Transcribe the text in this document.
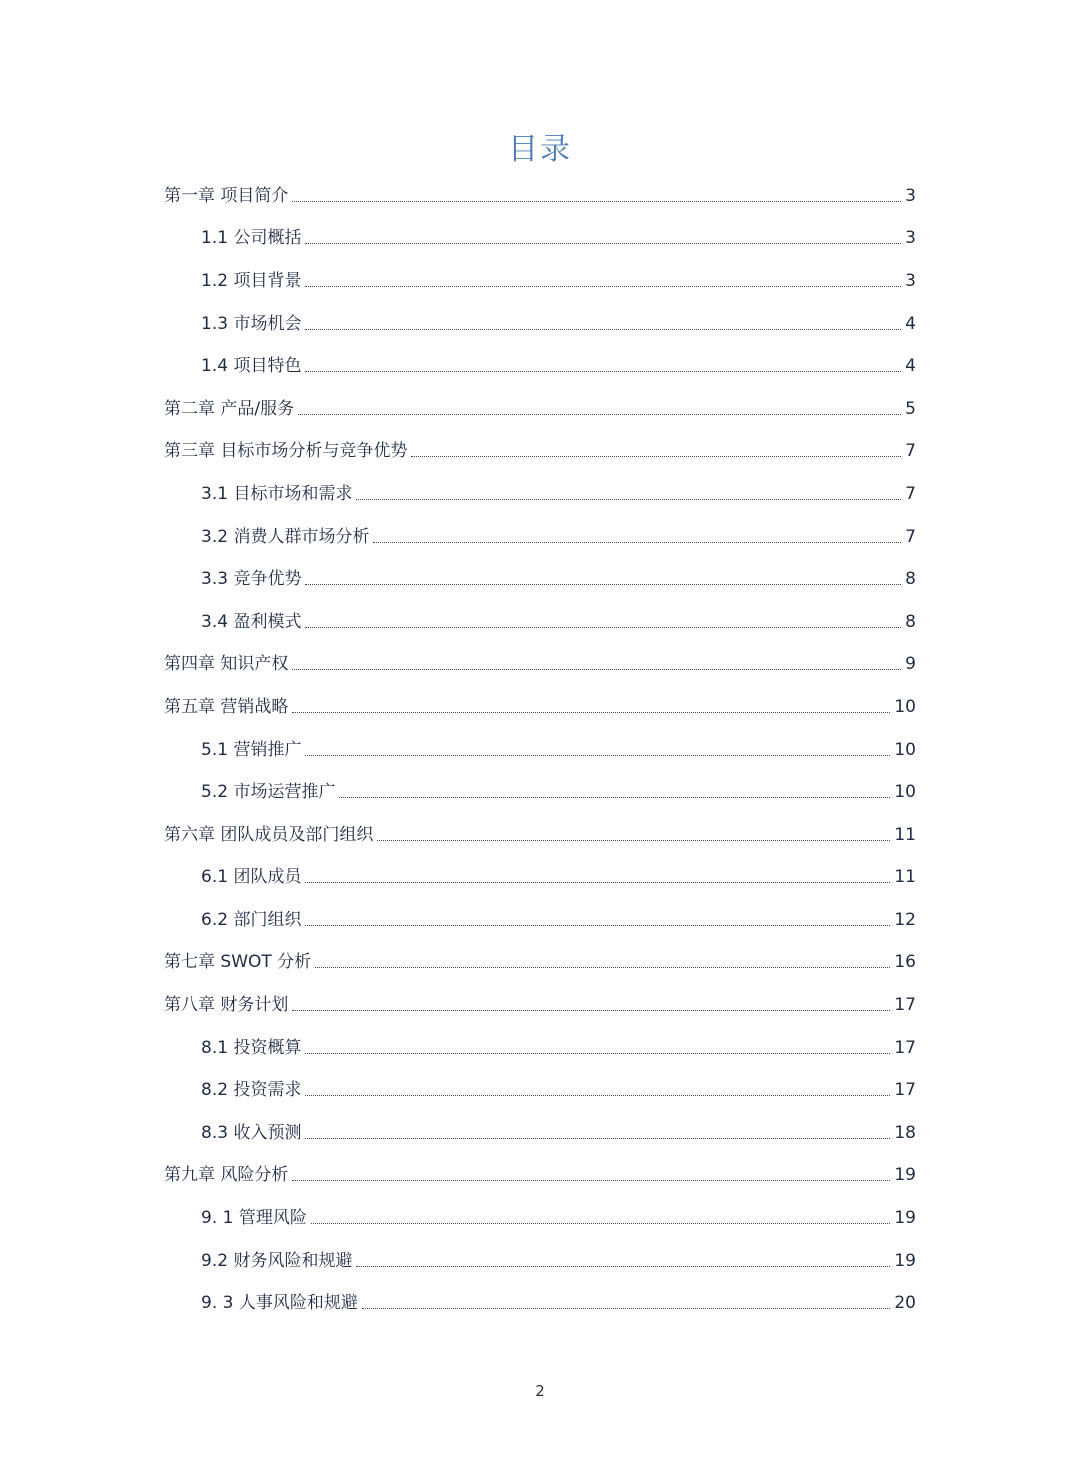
目录
第一章 项目简介	3
1.1 公司概括	3
1.2 项目背景	3
1.3 市场机会	4
1.4 项目特色	4
第二章 产品/服务	5
第三章 目标市场分析与竞争优势	7
3.1 目标市场和需求	7
3.2 消费人群市场分析	7
3.3 竞争优势	8
3.4 盈利模式	8
第四章 知识产权	9
第五章 营销战略	10
5.1 营销推广	10
5.2 市场运营推广	10
第六章 团队成员及部门组织	11
6.1 团队成员	11
6.2 部门组织	12
第七章 SWOT 分析	16
第八章 财务计划	17
8.1 投资概算	17
8.2 投资需求	17
8.3 收入预测	18
第九章 风险分析	19
9. 1 管理风险	19
9.2 财务风险和规避	19
9. 3 人事风险和规避	20
2
